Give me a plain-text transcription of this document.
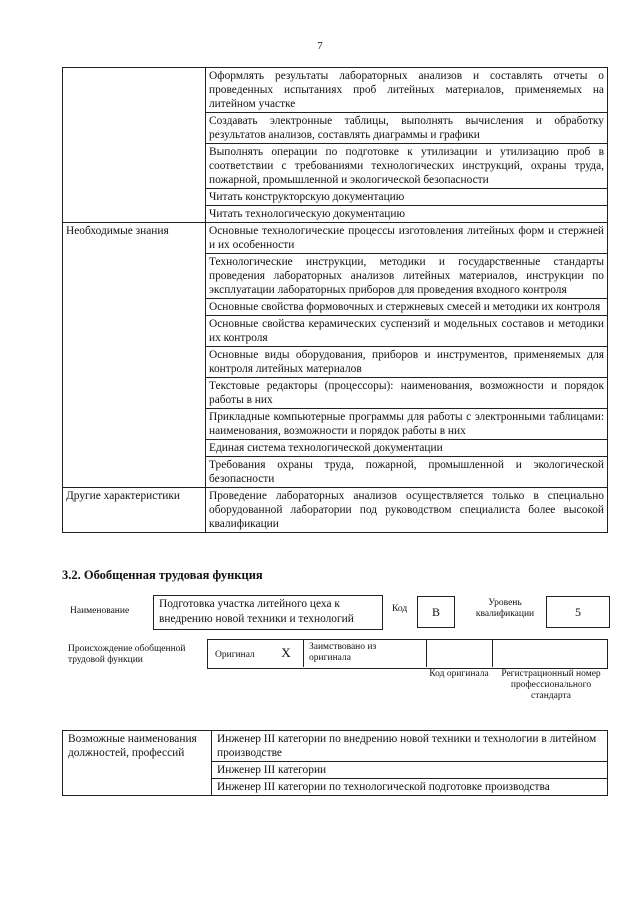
7
	Оформлять результаты лабораторных анализов и составлять отчеты о проведенных испытаниях проб литейных материалов, применяемых на литейном участке
	Создавать электронные таблицы, выполнять вычисления и обработку результатов анализов, составлять диаграммы и графики
	Выполнять операции по подготовке к утилизации и утилизацию проб в соответствии с требованиями технологических инструкций, охраны труда, пожарной, промышленной и экологической безопасности
	Читать конструкторскую документацию
	Читать технологическую документацию
Необходимые знания	Основные технологические процессы изготовления литейных форм и стержней и их особенности
	Технологические инструкции, методики и государственные стандарты проведения лабораторных анализов литейных материалов, инструкции по эксплуатации лабораторных приборов для проведения входного контроля
	Основные свойства формовочных и стержневых смесей и методики их контроля
	Основные свойства керамических суспензий и модельных составов и методики их контроля
	Основные виды оборудования, приборов и инструментов, применяемых для контроля литейных материалов
	Текстовые редакторы (процессоры): наименования, возможности и порядок работы в них
	Прикладные компьютерные программы для работы с электронными таблицами: наименования, возможности и порядок работы в них
	Единая система технологической документации
	Требования охраны труда, пожарной, промышленной и экологической безопасности
Другие характеристики	Проведение лабораторных анализов осуществляется только в специально оборудованной лаборатории под руководством специалиста более высокой квалификации
3.2. Обобщенная трудовая функция
Наименование
Подготовка участка литейного цеха к внедрению новой техники и технологий
Код	В
Уровень квалификации	5
Происхождение обобщенной трудовой функции	Оригинал	X	Заимствовано из оригинала
Код оригинала	Регистрационный номер профессионального стандарта
Возможные наименования должностей, профессий	Инженер III категории по внедрению новой техники и технологии в литейном производстве
Инженер III категории
Инженер III категории по технологической подготовке производства
